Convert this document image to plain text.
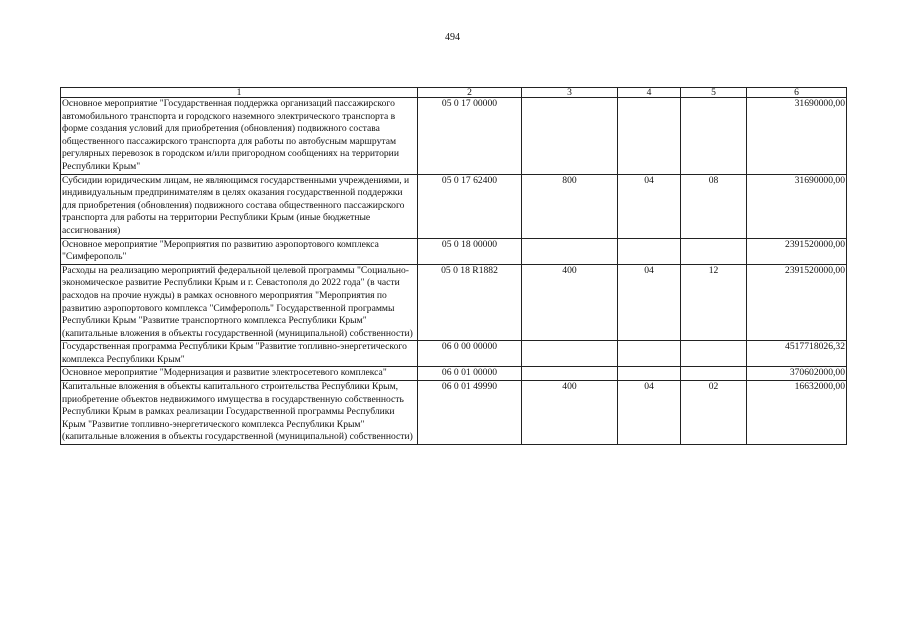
494
1	2	3	4	5	6
Основное мероприятие "Государственная поддержка организаций пассажирского автомобильного транспорта и городского наземного электрического транспорта в форме создания условий для приобретения (обновления) подвижного состава общественного пассажирского транспорта для работы по автобусным маршрутам регулярных перевозок в городском и/или пригородном сообщениях на территории Республики Крым"	05 0 17 00000				31690000,00
Субсидии юридическим лицам, не являющимся государственными учреждениями, и индивидуальным предпринимателям в целях оказания государственной поддержки для приобретения (обновления) подвижного состава общественного пассажирского транспорта для работы на территории Республики Крым (иные бюджетные ассигнования)	05 0 17 62400	800	04	08	31690000,00
Основное мероприятие "Мероприятия по развитию аэропортового комплекса "Симферополь"	05 0 18 00000				2391520000,00
Расходы на реализацию мероприятий федеральной целевой программы "Социально-экономическое развитие Республики Крым и г. Севастополя до 2022 года" (в части расходов на прочие нужды) в рамках основного мероприятия "Мероприятия по развитию аэропортового комплекса "Симферополь" Государственной программы Республики Крым "Развитие транспортного комплекса Республики Крым" (капитальные вложения в объекты государственной (муниципальной) собственности)	05 0 18 R1882	400	04	12	2391520000,00
Государственная программа Республики Крым "Развитие топливно-энергетического комплекса Республики Крым"	06 0 00 00000				4517718026,32
Основное мероприятие "Модернизация и развитие электросетевого комплекса"	06 0 01 00000				370602000,00
Капитальные вложения в объекты капитального строительства Республики Крым, приобретение объектов недвижимого имущества в государственную собственность Республики Крым в рамках реализации Государственной программы Республики Крым "Развитие топливно-энергетического комплекса Республики Крым" (капитальные вложения в объекты государственной (муниципальной) собственности)	06 0 01 49990	400	04	02	16632000,00
